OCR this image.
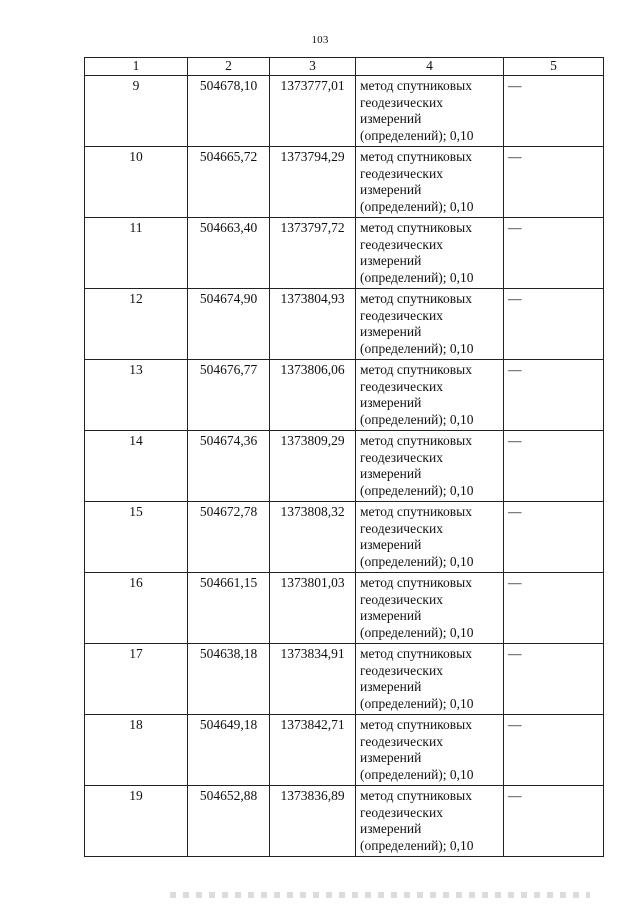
103
1	2	3	4	5
9	504678,10	1373777,01	метод спутниковых геодезических измерений (определений); 0,10	—
10	504665,72	1373794,29	метод спутниковых геодезических измерений (определений); 0,10	—
11	504663,40	1373797,72	метод спутниковых геодезических измерений (определений); 0,10	—
12	504674,90	1373804,93	метод спутниковых геодезических измерений (определений); 0,10	—
13	504676,77	1373806,06	метод спутниковых геодезических измерений (определений); 0,10	—
14	504674,36	1373809,29	метод спутниковых геодезических измерений (определений); 0,10	—
15	504672,78	1373808,32	метод спутниковых геодезических измерений (определений); 0,10	—
16	504661,15	1373801,03	метод спутниковых геодезических измерений (определений); 0,10	—
17	504638,18	1373834,91	метод спутниковых геодезических измерений (определений); 0,10	—
18	504649,18	1373842,71	метод спутниковых геодезических измерений (определений); 0,10	—
19	504652,88	1373836,89	метод спутниковых геодезических измерений (определений); 0,10	—
